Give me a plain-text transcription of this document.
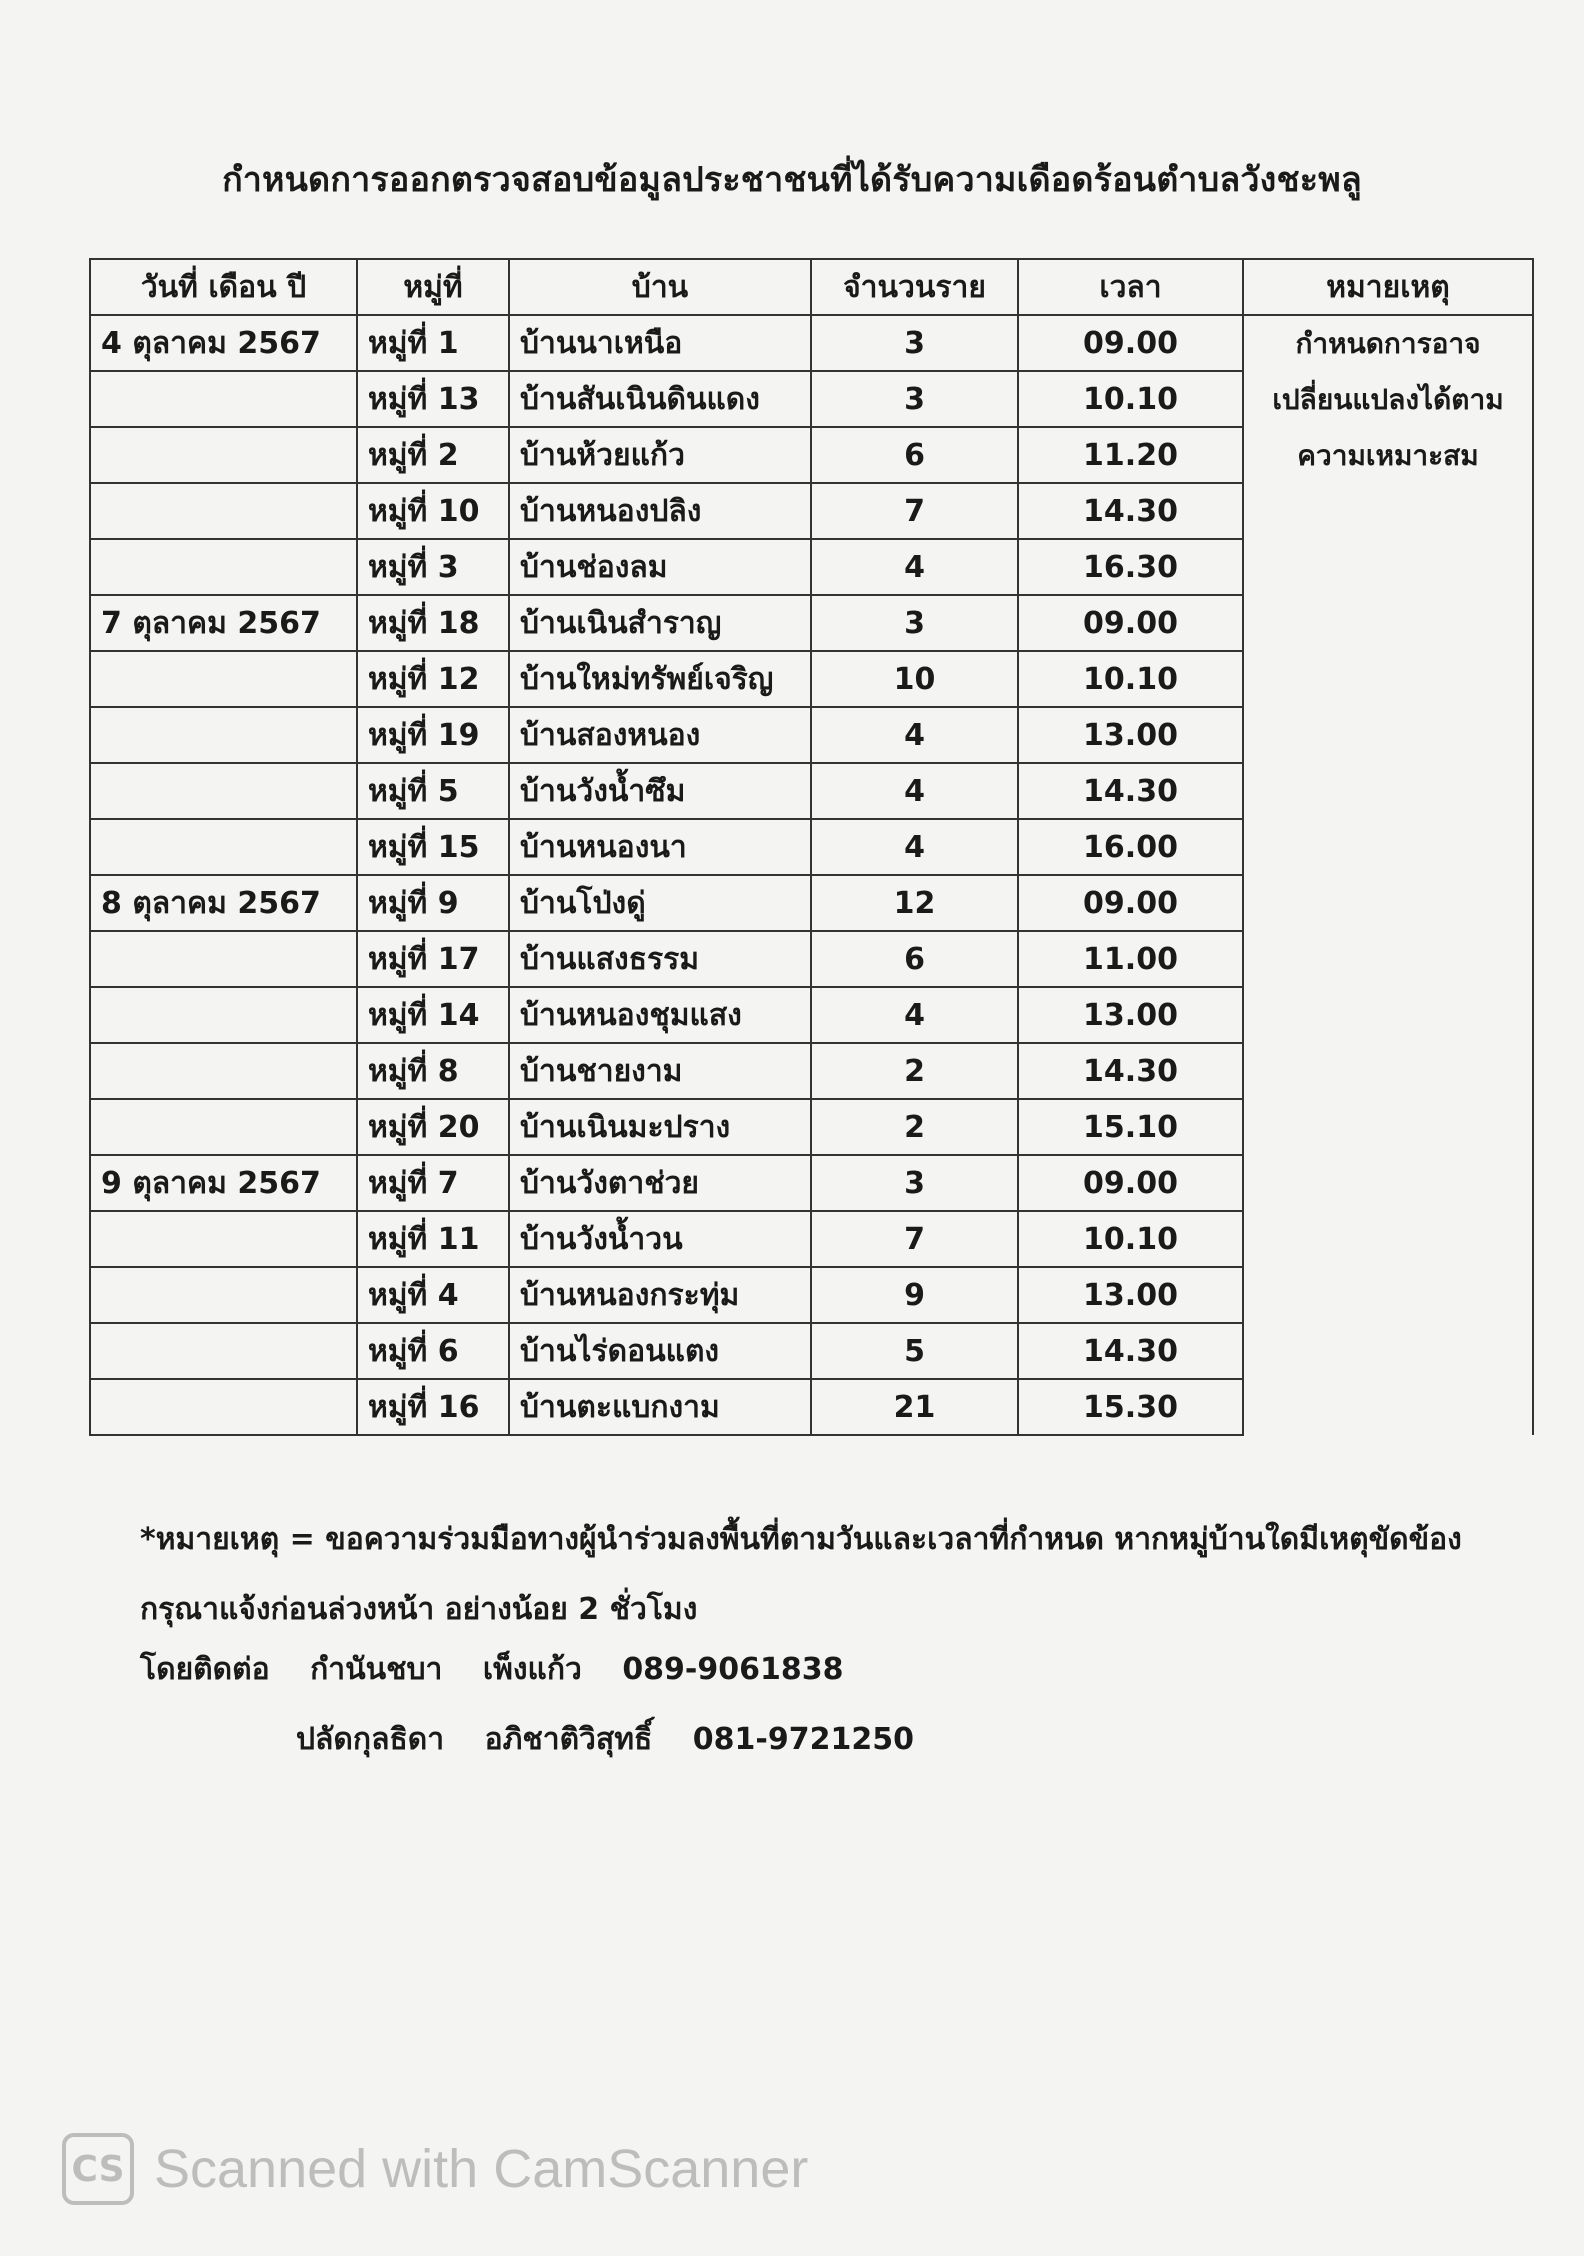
กำหนดการออกตรวจสอบข้อมูลประชาชนที่ได้รับความเดือดร้อนตำบลวังชะพลู
วันที่ เดือน ปี	หมู่ที่	บ้าน	จำนวนราย	เวลา	หมายเหตุ
4 ตุลาคม 2567	หมู่ที่ 1	บ้านนาเหนือ	3	09.00	กำหนดการอาจ
เปลี่ยนแปลงได้ตาม
ความเหมาะสม

	หมู่ที่ 13	บ้านสันเนินดินแดง	3	10.10	
	หมู่ที่ 2	บ้านห้วยแก้ว	6	11.20	
	หมู่ที่ 10	บ้านหนองปลิง	7	14.30	
	หมู่ที่ 3	บ้านช่องลม	4	16.30	
7 ตุลาคม 2567	หมู่ที่ 18	บ้านเนินสำราญ	3	09.00	
	หมู่ที่ 12	บ้านใหม่ทรัพย์เจริญ	10	10.10	
	หมู่ที่ 19	บ้านสองหนอง	4	13.00	
	หมู่ที่ 5	บ้านวังน้ำซึม	4	14.30	
	หมู่ที่ 15	บ้านหนองนา	4	16.00	
8 ตุลาคม 2567	หมู่ที่ 9	บ้านโป่งดู่	12	09.00	
	หมู่ที่ 17	บ้านแสงธรรม	6	11.00	
	หมู่ที่ 14	บ้านหนองชุมแสง	4	13.00	
	หมู่ที่ 8	บ้านชายงาม	2	14.30	
	หมู่ที่ 20	บ้านเนินมะปราง	2	15.10	
9 ตุลาคม 2567	หมู่ที่ 7	บ้านวังตาช่วย	3	09.00	
	หมู่ที่ 11	บ้านวังน้ำวน	7	10.10	
	หมู่ที่ 4	บ้านหนองกระทุ่ม	9	13.00	
	หมู่ที่ 6	บ้านไร่ดอนแตง	5	14.30	
	หมู่ที่ 16	บ้านตะแบกงาม	21	15.30	
*หมายเหตุ = ขอความร่วมมือทางผู้นำร่วมลงพื้นที่ตามวันและเวลาที่กำหนด หากหมู่บ้านใดมีเหตุขัดข้องกรุณาแจ้งก่อนล่วงหน้า อย่างน้อย 2 ชั่วโมง
โดยติดต่อ กำนันชบา เพ็งแก้ว 089-9061838
ปลัดกุลธิดา อภิชาติวิสุทธิ์ 081-9721250
CS Scanned with CamScanner
